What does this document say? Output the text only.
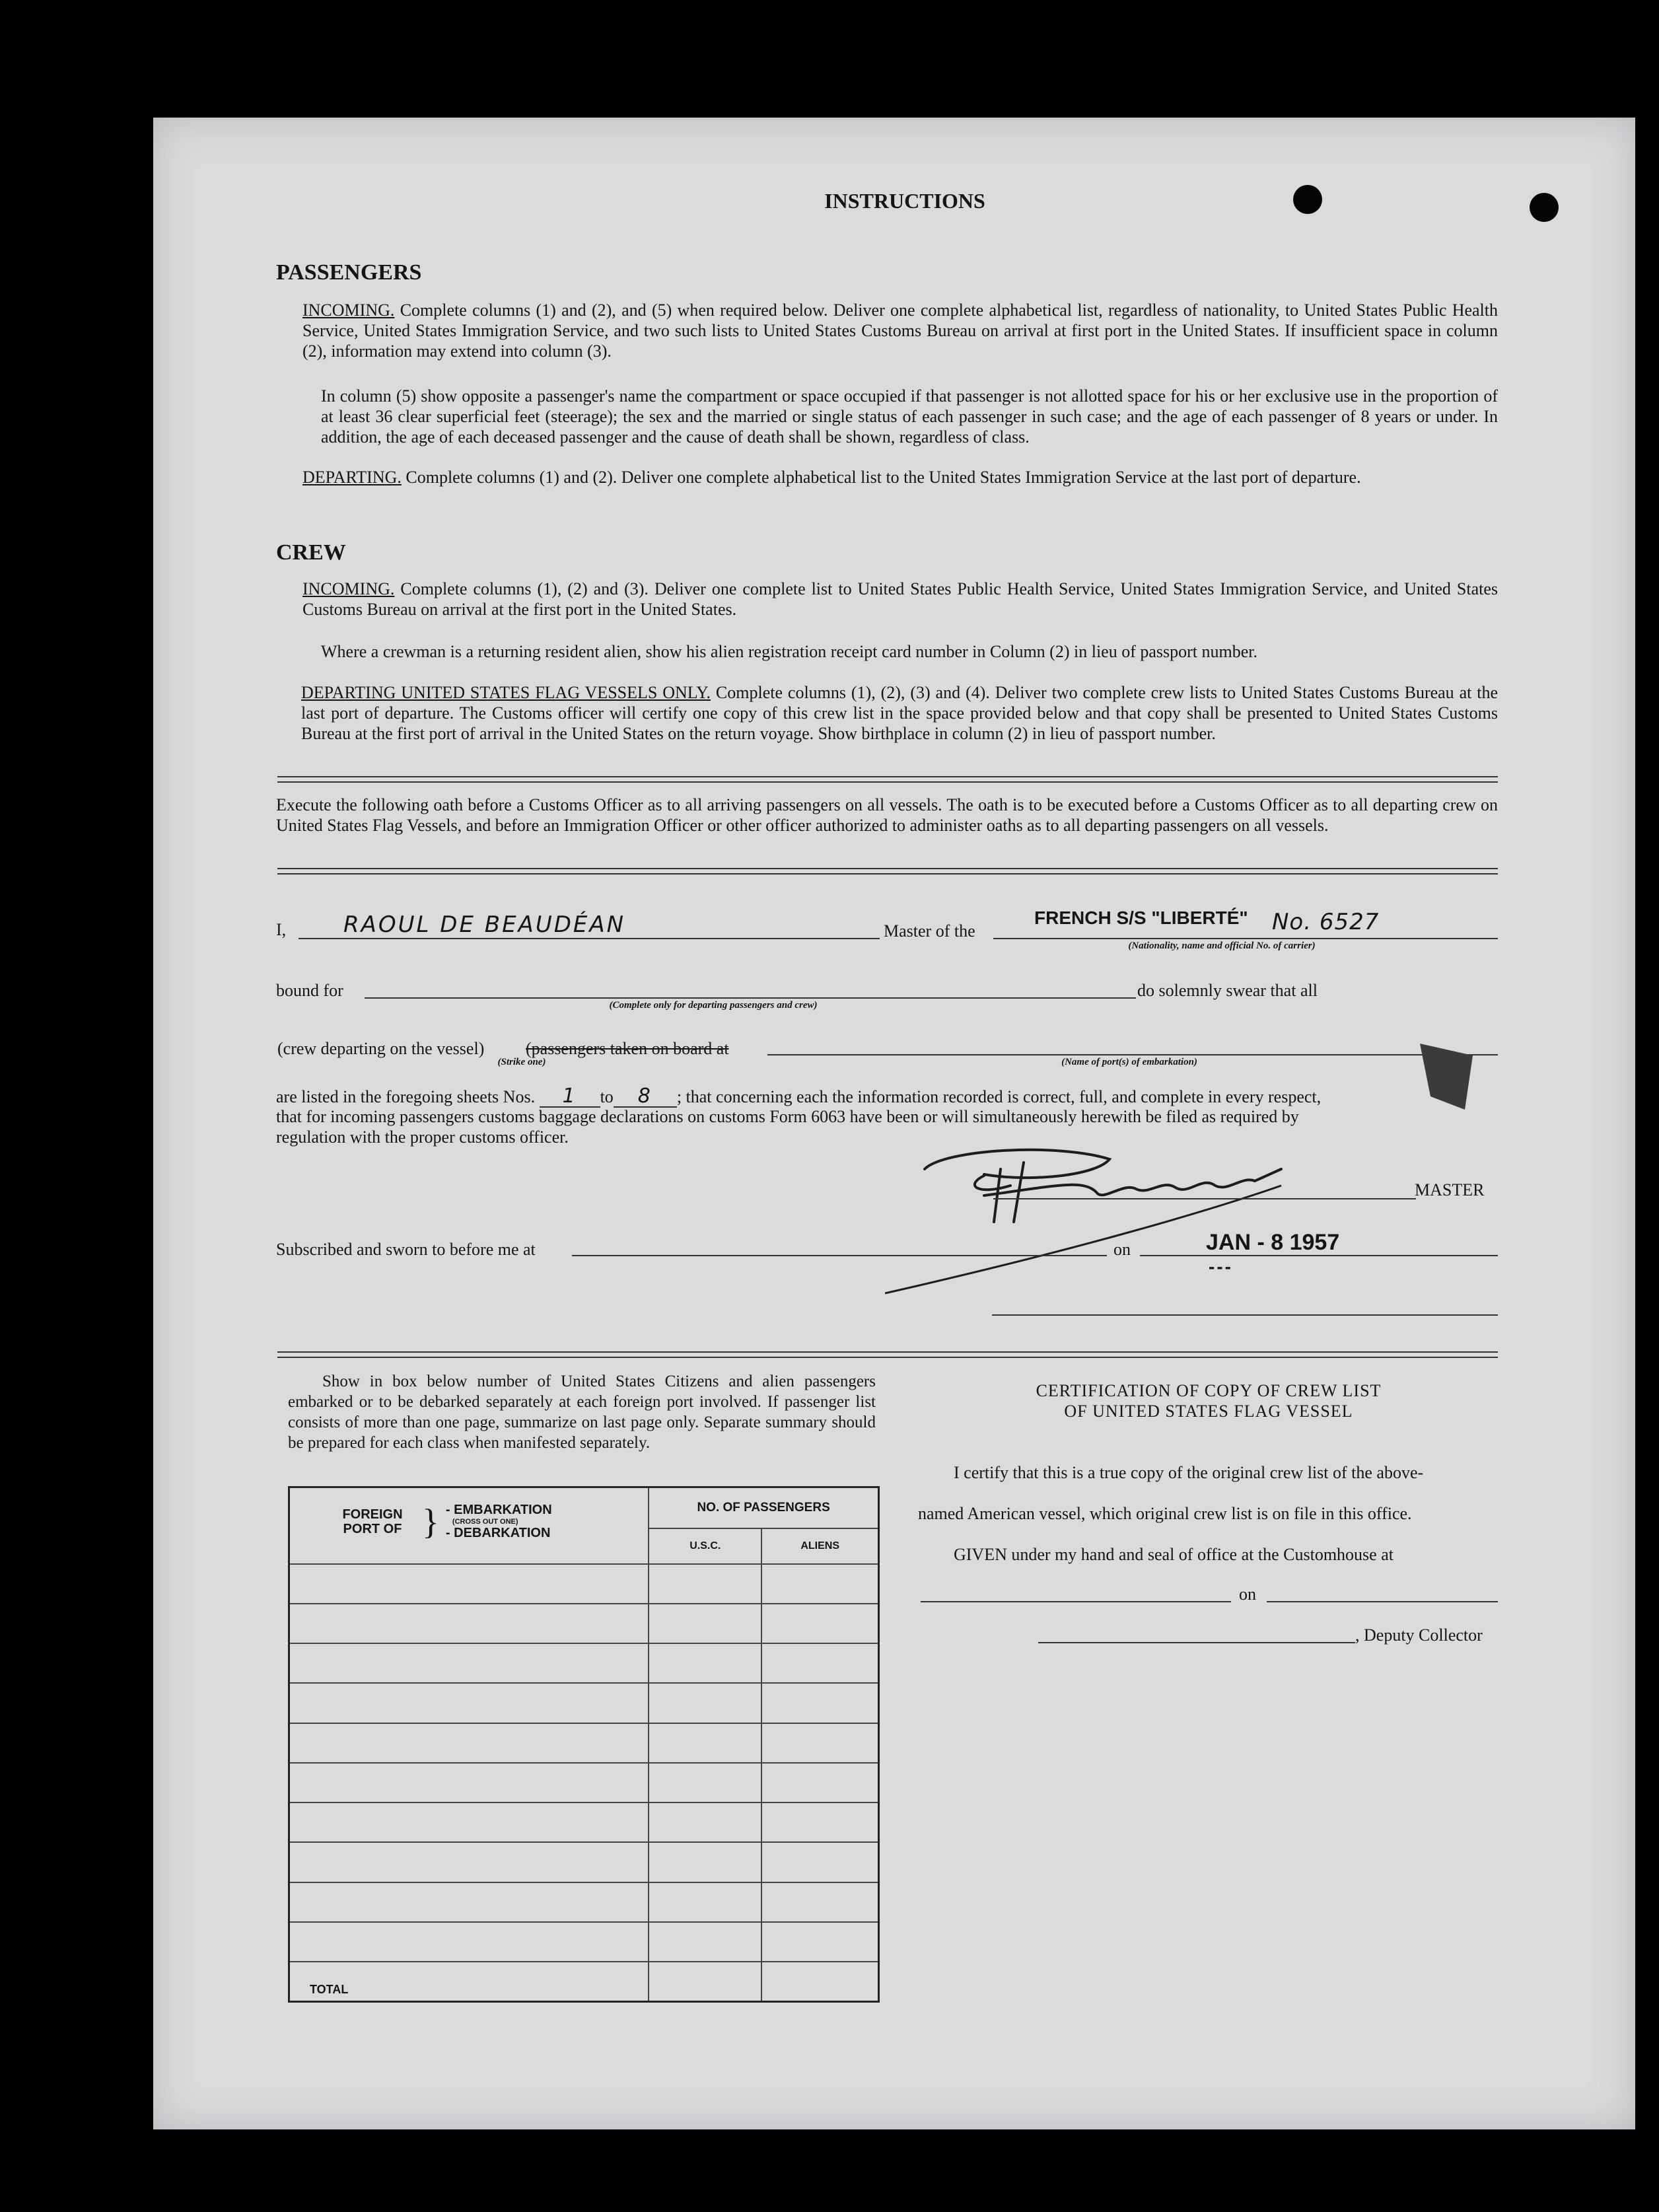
INSTRUCTIONS
PASSENGERS
INCOMING. Complete columns (1) and (2), and (5) when required below. Deliver one complete alphabetical list, regardless of nationality, to United States Public Health Service, United States Immigration Service, and two such lists to United States Customs Bureau on arrival at first port in the United States. If insufficient space in column (2), information may extend into column (3).
In column (5) show opposite a passenger's name the compartment or space occupied if that passenger is not allotted space for his or her exclusive use in the proportion of at least 36 clear superficial feet (steerage); the sex and the married or single status of each passenger in such case; and the age of each passenger of 8 years or under. In addition, the age of each deceased passenger and the cause of death shall be shown, regardless of class.
DEPARTING. Complete columns (1) and (2). Deliver one complete alphabetical list to the United States Immigration Service at the last port of departure.
CREW
INCOMING. Complete columns (1), (2) and (3). Deliver one complete list to United States Public Health Service, United States Immigration Service, and United States Customs Bureau on arrival at the first port in the United States.
Where a crewman is a returning resident alien, show his alien registration receipt card number in Column (2) in lieu of passport number.
DEPARTING UNITED STATES FLAG VESSELS ONLY. Complete columns (1), (2), (3) and (4). Deliver two complete crew lists to United States Customs Bureau at the last port of departure. The Customs officer will certify one copy of this crew list in the space provided below and that copy shall be presented to United States Customs Bureau at the first port of arrival in the United States on the return voyage. Show birthplace in column (2) in lieu of passport number.
Execute the following oath before a Customs Officer as to all arriving passengers on all vessels. The oath is to be executed before a Customs Officer as to all departing crew on United States Flag Vessels, and before an Immigration Officer or other officer authorized to administer oaths as to all departing passengers on all vessels.
I,	RAOUL DE BEAUDÉAN	Master of the
FRENCH S/S "LIBERTÉ" No. 6527
(Nationality, name and official No. of carrier)
bound for
(Complete only for departing passengers and crew)
do solemnly swear that all
(crew departing on the vessel) (passengers taken on board at
(Strike one)	(Name of port(s) of embarkation)
are listed in the foregoing sheets Nos. 1 to 8 ; that concerning each the information recorded is correct, full, and complete in every respect,
that for incoming passengers customs baggage declarations on customs Form 6063 have been or will simultaneously herewith be filed as required by
regulation with the proper customs officer.
MASTER
Subscribed and sworn to before me at	on	JAN - 8 1957
---
Show in box below number of United States Citizens and alien passengers embarked or to be debarked separately at each foreign port involved. If passenger list consists of more than one page, summarize on last page only. Separate summary should be prepared for each class when manifested separately.
FOREIGN PORT OF } - EMBARKATION
(CROSS OUT ONE)
- DEBARKATION	NO. OF PASSENGERS	
	U.S.C.	ALIENS

TOTAL		
CERTIFICATION OF COPY OF CREW LIST
OF UNITED STATES FLAG VESSEL
I certify that this is a true copy of the original crew list of the above-
named American vessel, which original crew list is on file in this office.
GIVEN under my hand and seal of office at the Customhouse at
on
, Deputy Collector
